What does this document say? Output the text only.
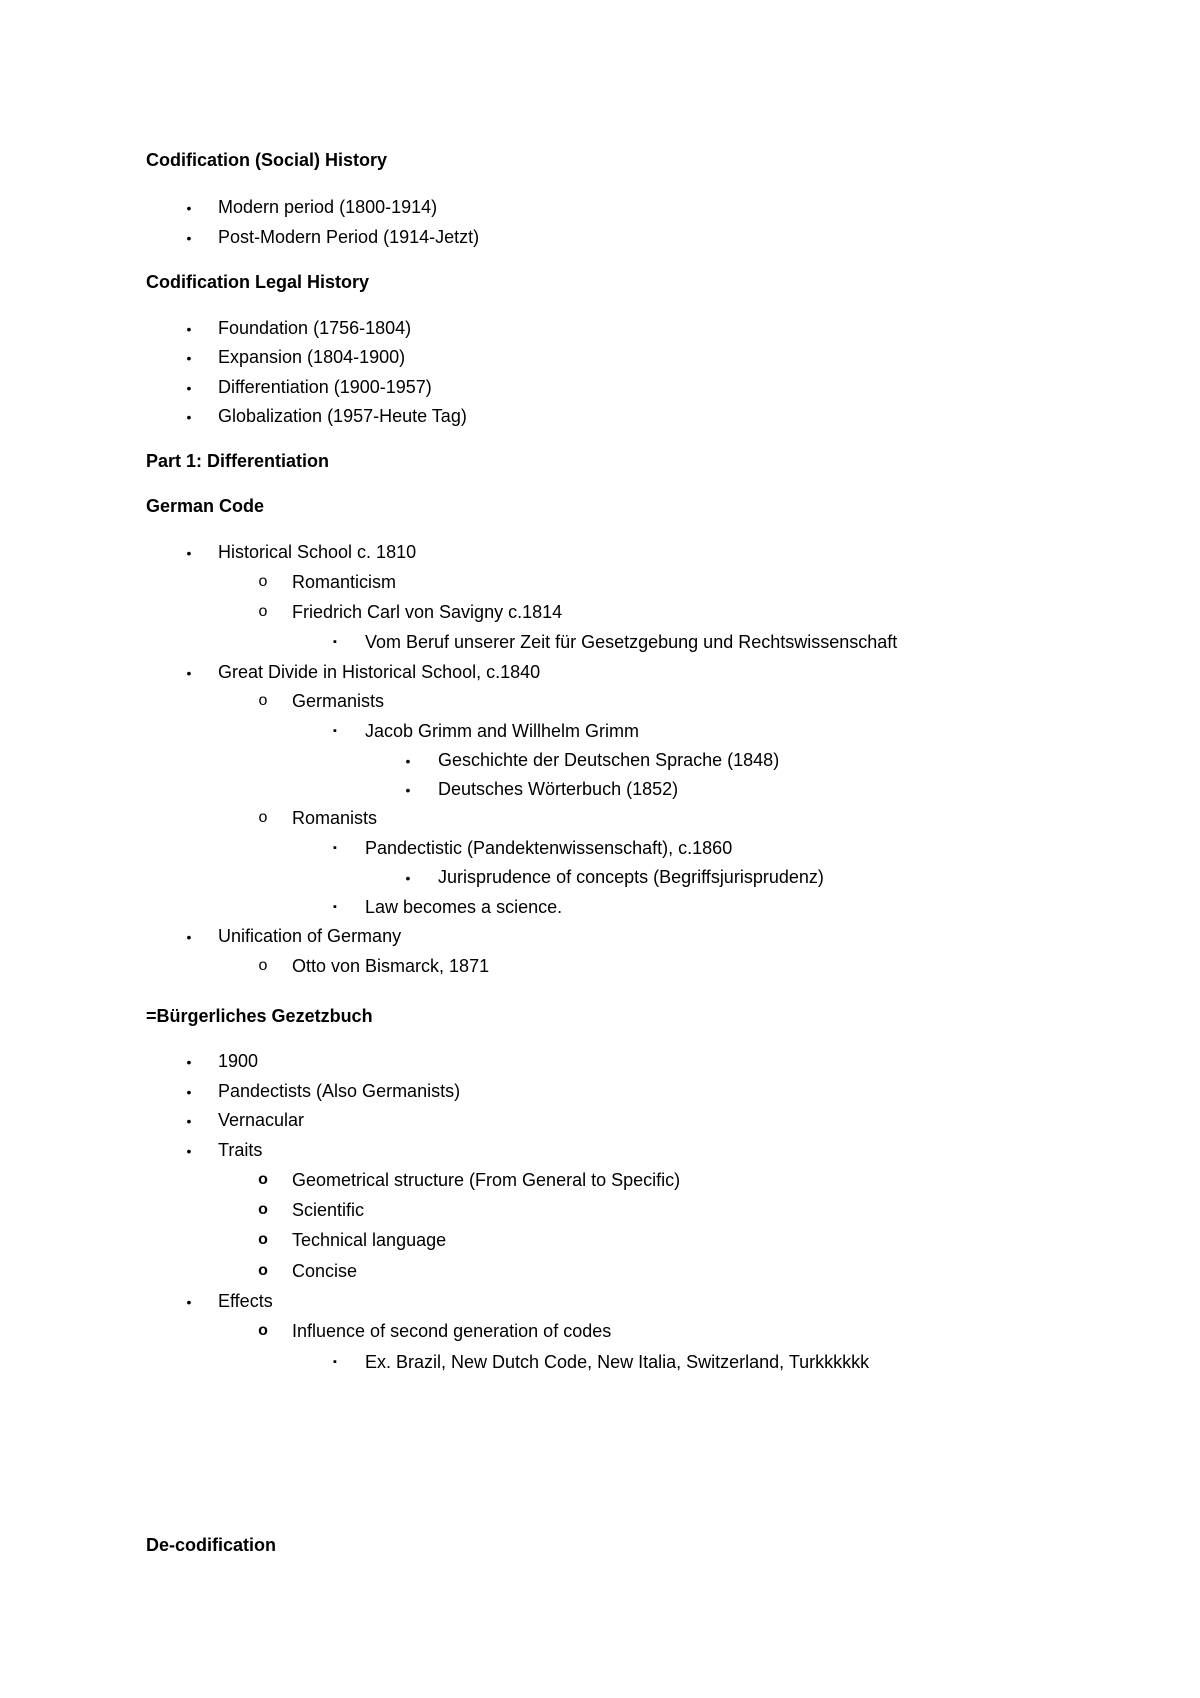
Codification (Social) History
•	Modern period (1800-1914)
•	Post-Modern Period (1914-Jetzt)
Codification Legal History
•	Foundation (1756-1804)
•	Expansion (1804-1900)
•	Differentiation (1900-1957)
•	Globalization (1957-Heute Tag)
Part 1: Differentiation
German Code
•	Historical School c. 1810
o	Romanticism
o	Friedrich Carl von Savigny c.1814
▪	Vom Beruf unserer Zeit für Gesetzgebung und Rechtswissenschaft
•	Great Divide in Historical School, c.1840
o	Germanists
▪	Jacob Grimm and Willhelm Grimm
•	Geschichte der Deutschen Sprache (1848)
•	Deutsches Wörterbuch (1852)
o	Romanists
▪	Pandectistic (Pandektenwissenschaft), c.1860
•	Jurisprudence of concepts (Begriffsjurisprudenz)
▪	Law becomes a science.
•	Unification of Germany
o	Otto von Bismarck, 1871
=Bürgerliches Gezetzbuch
•	1900
•	Pandectists (Also Germanists)
•	Vernacular
•	Traits
o	Geometrical structure (From General to Specific)
o	Scientific
o	Technical language
o	Concise
•	Effects
o	Influence of second generation of codes
▪	Ex. Brazil, New Dutch Code, New Italia, Switzerland, Turkkkkkk
De-codification
